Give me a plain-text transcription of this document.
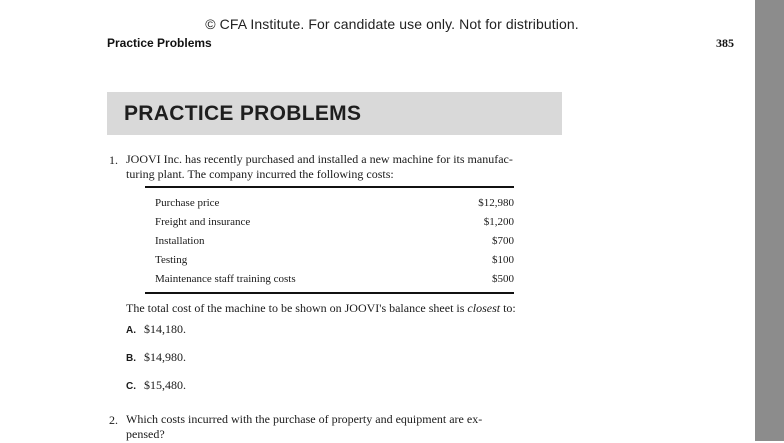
© CFA Institute. For candidate use only. Not for distribution.
Practice Problems	385
PRACTICE PROBLEMS
1. JOOVI Inc. has recently purchased and installed a new machine for its manufac-
turing plant. The company incurred the following costs:
Purchase price	$12,980
Freight and insurance	$1,200
Installation	$700
Testing	$100
Maintenance staff training costs	$500
The total cost of the machine to be shown on JOOVI's balance sheet is closest to:
A. $14,180.
B. $14,980.
C. $15,480.
2. Which costs incurred with the purchase of property and equipment are ex-
pensed?
